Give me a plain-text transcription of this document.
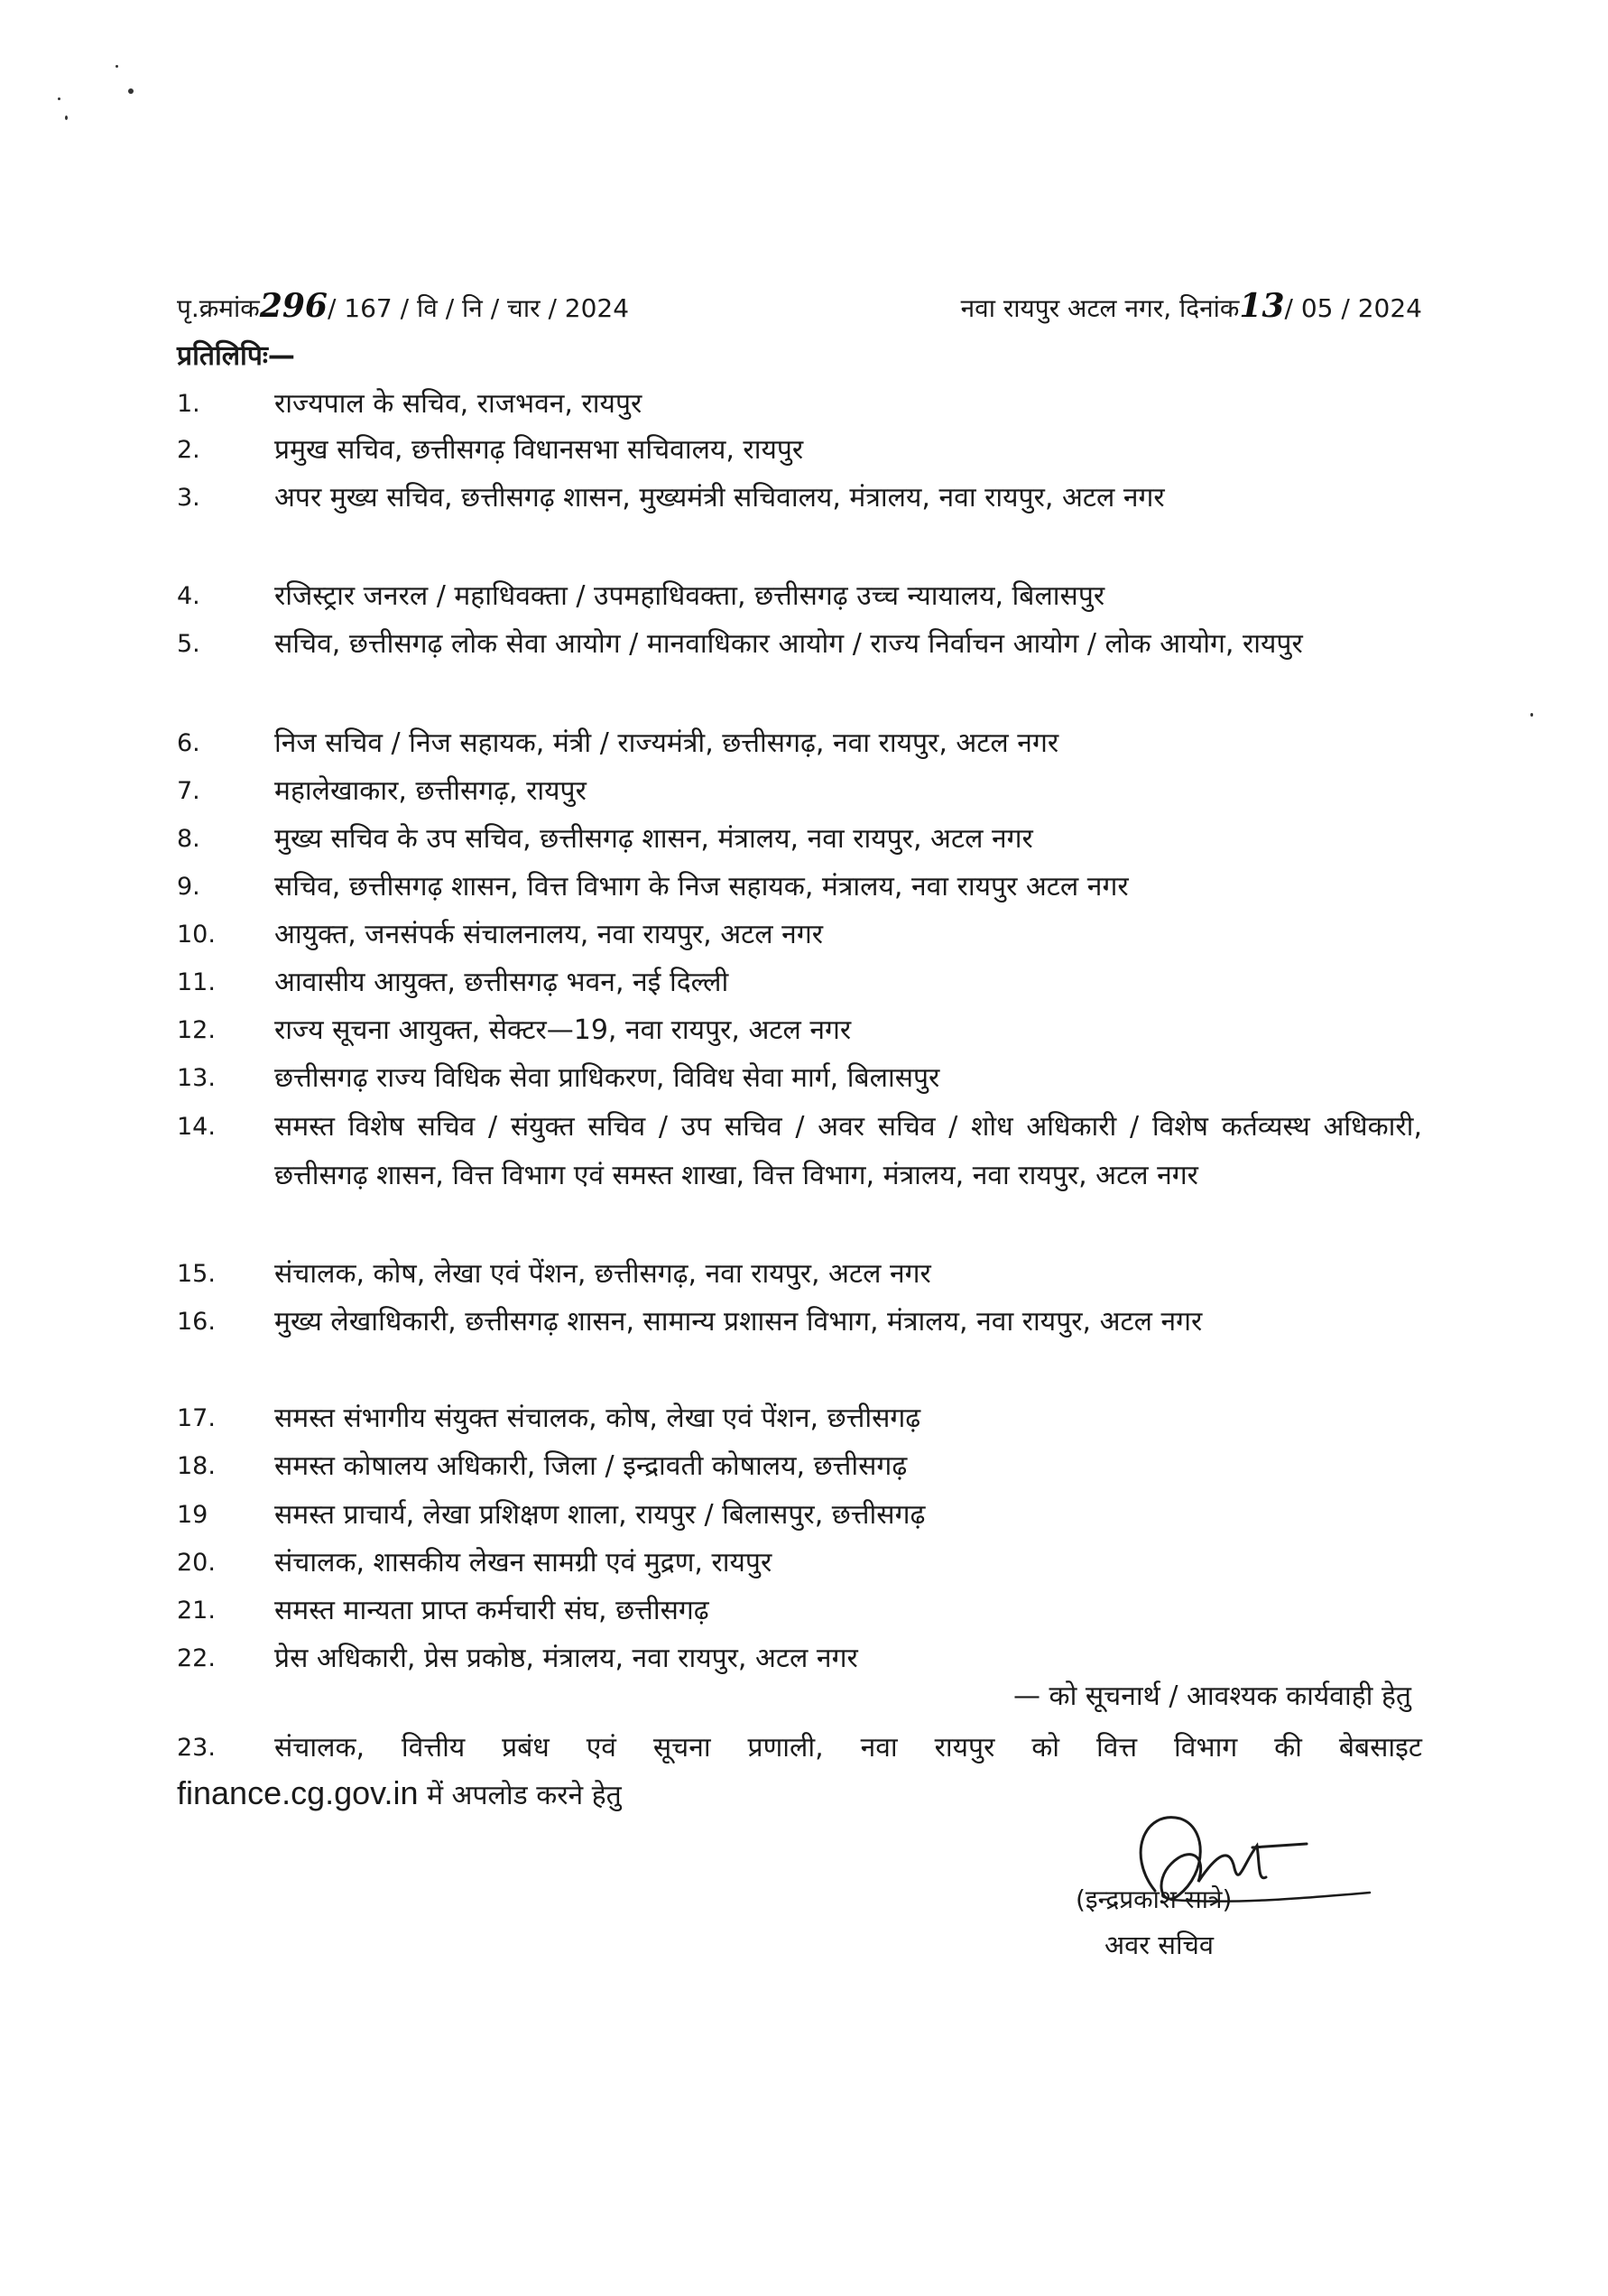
पृ.क्रमांक296/ 167 / वि / नि / चार / 2024	नवा रायपुर अटल नगर, दिनांक13/ 05 / 2024
प्रतिलिपिः—
1.	राज्यपाल के सचिव, राजभवन, रायपुर
2.	प्रमुख सचिव, छत्तीसगढ़ विधानसभा सचिवालय, रायपुर
3.	अपर मुख्य सचिव, छत्तीसगढ़ शासन, मुख्यमंत्री सचिवालय, मंत्रालय, नवा रायपुर, अटल नगर
4.	रजिस्ट्रार जनरल / महाधिवक्ता / उपमहाधिवक्ता, छत्तीसगढ़ उच्च न्यायालय, बिलासपुर
5.	सचिव, छत्तीसगढ़ लोक सेवा आयोग / मानवाधिकार आयोग / राज्य निर्वाचन आयोग / लोक आयोग, रायपुर
6.	निज सचिव / निज सहायक, मंत्री / राज्यमंत्री, छत्तीसगढ़, नवा रायपुर, अटल नगर
7.	महालेखाकार, छत्तीसगढ़, रायपुर
8.	मुख्य सचिव के उप सचिव, छत्तीसगढ़ शासन, मंत्रालय, नवा रायपुर, अटल नगर
9.	सचिव, छत्तीसगढ़ शासन, वित्त विभाग के निज सहायक, मंत्रालय, नवा रायपुर अटल नगर
10.	आयुक्त, जनसंपर्क संचालनालय, नवा रायपुर, अटल नगर
11.	आवासीय आयुक्त, छत्तीसगढ़ भवन, नई दिल्ली
12.	राज्य सूचना आयुक्त, सेक्टर—19, नवा रायपुर, अटल नगर
13.	छत्तीसगढ़ राज्य विधिक सेवा प्राधिकरण, विविध सेवा मार्ग, बिलासपुर
14.	समस्त विशेष सचिव / संयुक्त सचिव / उप सचिव / अवर सचिव / शोध अधिकारी / विशेष कर्तव्यस्थ अधिकारी, छत्तीसगढ़ शासन, वित्त विभाग एवं समस्त शाखा, वित्त विभाग, मंत्रालय, नवा रायपुर, अटल नगर
15.	संचालक, कोष, लेखा एवं पेंशन, छत्तीसगढ़, नवा रायपुर, अटल नगर
16.	मुख्य लेखाधिकारी, छत्तीसगढ़ शासन, सामान्य प्रशासन विभाग, मंत्रालय, नवा रायपुर, अटल नगर
17.	समस्त संभागीय संयुक्त संचालक, कोष, लेखा एवं पेंशन, छत्तीसगढ़
18.	समस्त कोषालय अधिकारी, जिला / इन्द्रावती कोषालय, छत्तीसगढ़
19	समस्त प्राचार्य, लेखा प्रशिक्षण शाला, रायपुर / बिलासपुर, छत्तीसगढ़
20.	संचालक, शासकीय लेखन सामग्री एवं मुद्रण, रायपुर
21.	समस्त मान्यता प्राप्त कर्मचारी संघ, छत्तीसगढ़
22.	प्रेस अधिकारी, प्रेस प्रकोष्ठ, मंत्रालय, नवा रायपुर, अटल नगर
— को सूचनार्थ / आवश्यक कार्यवाही हेतु
23.	संचालक, वित्तीय प्रबंध एवं सूचना प्रणाली, नवा रायपुर को वित्त विभाग की बेबसाइट
finance.cg.gov.in में अपलोड करने हेतु
(इन्द्रप्रकाश सात्रे)
अवर सचिव
